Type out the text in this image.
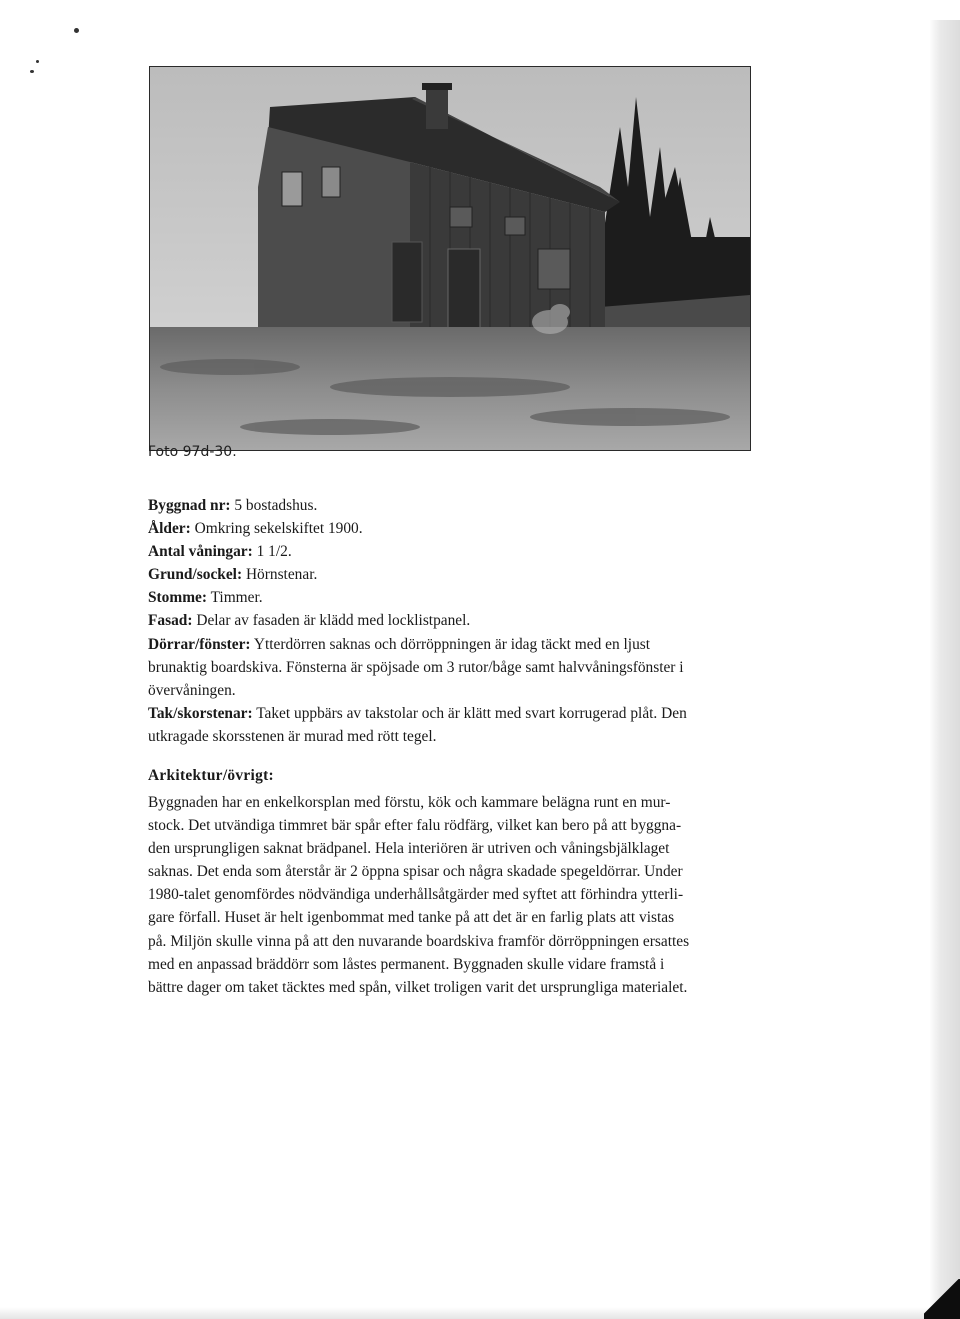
Foto 97d-30.
Byggnad nr: 5 bostadshus.
Ålder: Omkring sekelskiftet 1900.
Antal våningar: 1 1/2.
Grund/sockel: Hörnstenar.
Stomme: Timmer.
Fasad: Delar av fasaden är klädd med locklistpanel.
Dörrar/fönster: Ytterdörren saknas och dörröppningen är idag täckt med en ljust
brunaktig boardskiva. Fönsterna är spöjsade om 3 rutor/båge samt halvvåningsfönster i
övervåningen.
Tak/skorstenar: Taket uppbärs av takstolar och är klätt med svart korrugerad plåt. Den
utkragade skorsstenen är murad med rött tegel.
Arkitektur/övrigt:
Byggnaden har en enkelkorsplan med förstu, kök och kammare belägna runt en mur-
stock. Det utvändiga timmret bär spår efter falu rödfärg, vilket kan bero på att byggna-
den ursprungligen saknat brädpanel. Hela interiören är utriven och våningsbjälklaget
saknas. Det enda som återstår är 2 öppna spisar och några skadade spegeldörrar. Under
1980-talet genomfördes nödvändiga underhållsåtgärder med syftet att förhindra ytterli-
gare förfall. Huset är helt igenbommat med tanke på att det är en farlig plats att vistas
på. Miljön skulle vinna på att den nuvarande boardskiva framför dörröppningen ersattes
med en anpassad bräddörr som låstes permanent. Byggnaden skulle vidare framstå i
bättre dager om taket täcktes med spån, vilket troligen varit det ursprungliga materialet.
